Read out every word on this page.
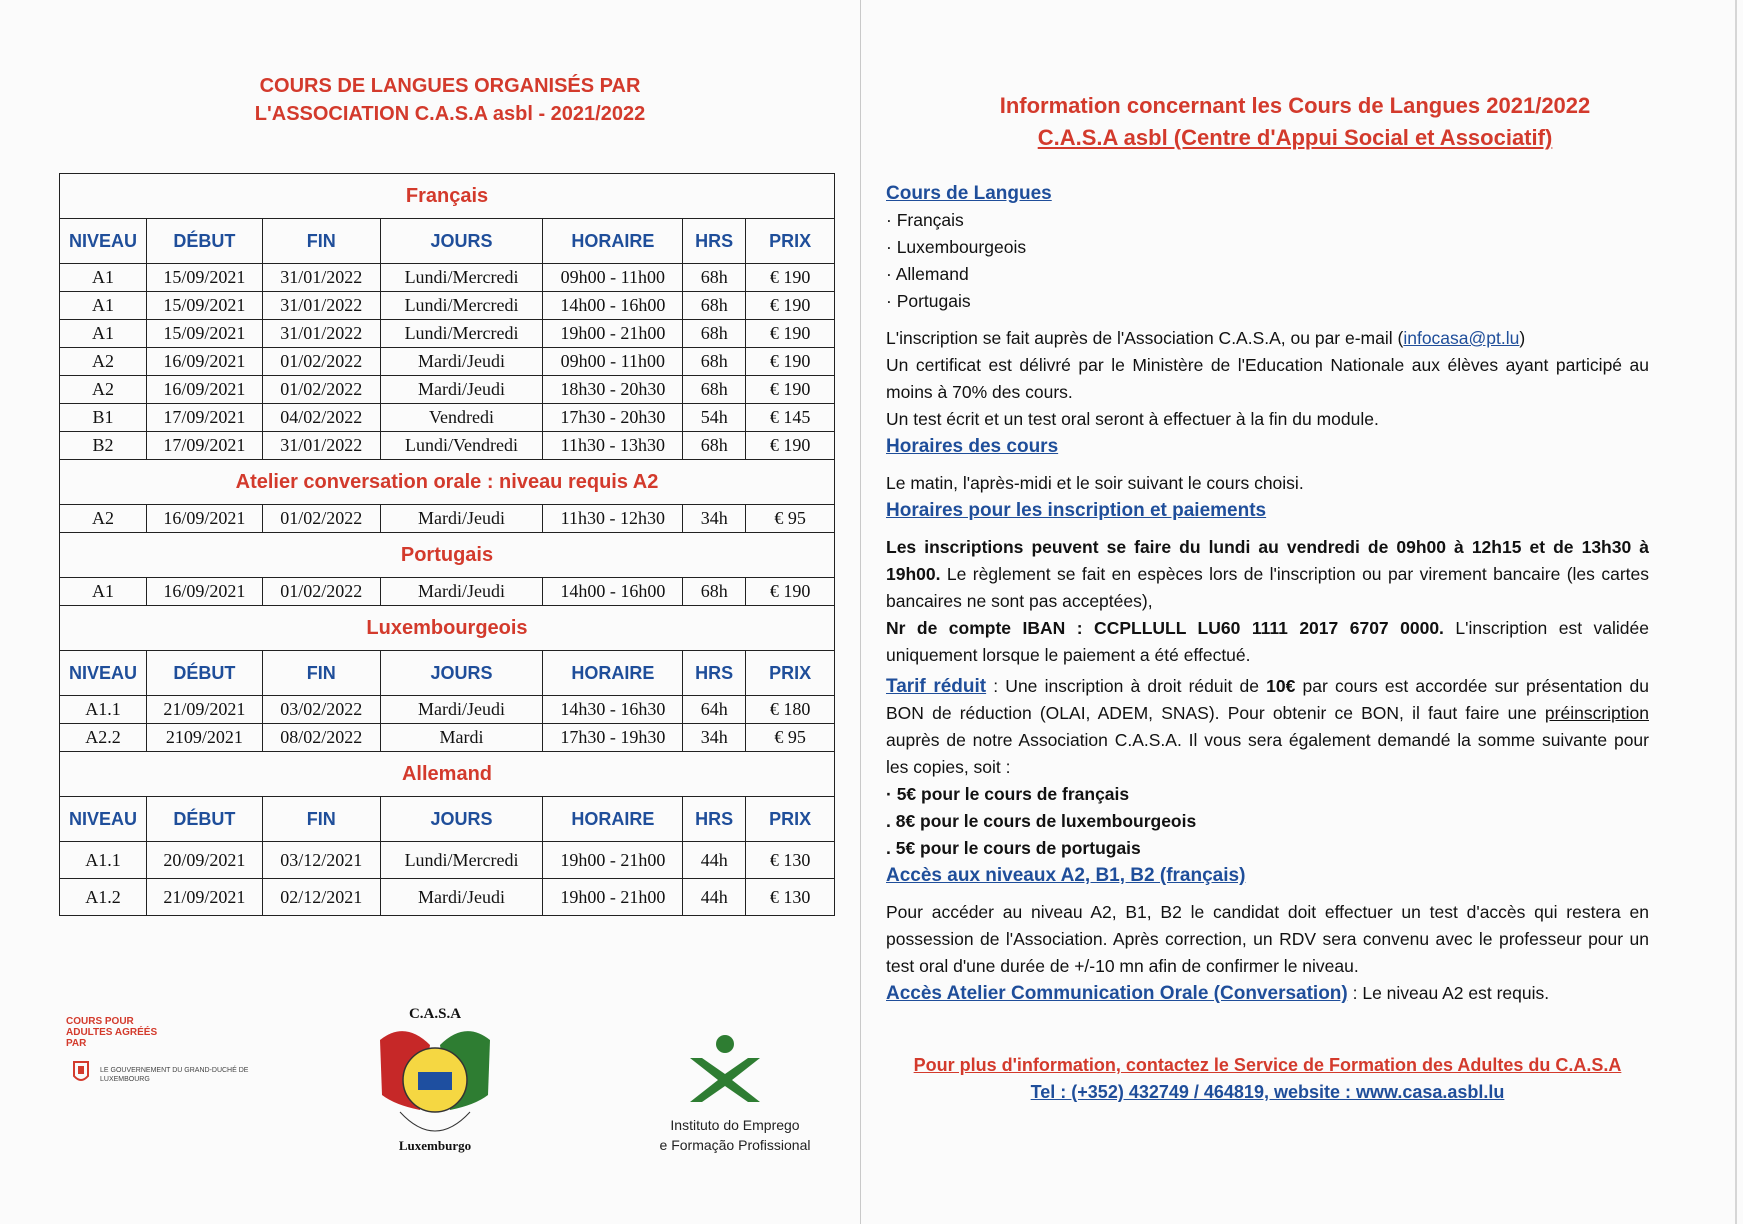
COURS DE LANGUES ORGANISÉS PAR
L'ASSOCIATION C.A.S.A asbl - 2021/2022
Français						
NIVEAU	DÉBUT	FIN	JOURS	HORAIRE	HRS	PRIX
A1	15/09/2021	31/01/2022	Lundi/Mercredi	09h00 - 11h00	68h	€ 190
A1	15/09/2021	31/01/2022	Lundi/Mercredi	14h00 - 16h00	68h	€ 190
A1	15/09/2021	31/01/2022	Lundi/Mercredi	19h00 - 21h00	68h	€ 190
A2	16/09/2021	01/02/2022	Mardi/Jeudi	09h00 - 11h00	68h	€ 190
A2	16/09/2021	01/02/2022	Mardi/Jeudi	18h30 - 20h30	68h	€ 190
B1	17/09/2021	04/02/2022	Vendredi	17h30 - 20h30	54h	€ 145
B2	17/09/2021	31/01/2022	Lundi/Vendredi	11h30 - 13h30	68h	€ 190
Atelier conversation orale : niveau requis A2						
A2	16/09/2021	01/02/2022	Mardi/Jeudi	11h30 - 12h30	34h	€ 95
Portugais						
A1	16/09/2021	01/02/2022	Mardi/Jeudi	14h00 - 16h00	68h	€ 190
Luxembourgeois						
NIVEAU	DÉBUT	FIN	JOURS	HORAIRE	HRS	PRIX
A1.1	21/09/2021	03/02/2022	Mardi/Jeudi	14h30 - 16h30	64h	€ 180
A2.2	2109/2021	08/02/2022	Mardi	17h30 - 19h30	34h	€ 95
Allemand						
NIVEAU	DÉBUT	FIN	JOURS	HORAIRE	HRS	PRIX
A1.1	20/09/2021	03/12/2021	Lundi/Mercredi	19h00 - 21h00	44h	€ 130
A1.2	21/09/2021	02/12/2021	Mardi/Jeudi	19h00 - 21h00	44h	€ 130
COURS POUR ADULTES AGRÉÉS PAR
LE GOUVERNEMENT DU GRAND-DUCHÉ DE LUXEMBOURG
C.A.S.A
Luxemburgo
Instituto do Emprego
e Formação Profissional
Information concernant les Cours de Langues 2021/2022
C.A.S.A asbl (Centre d'Appui Social et Associatif)

Cours de Langues

· Français

· Luxembourgeois

· Allemand

· Portugais

L'inscription se fait auprès de l'Association C.A.S.A, ou par e-mail (infocasa@pt.lu)

Un certificat est délivré par le Ministère de l'Education Nationale aux élèves ayant participé au moins à 70% des cours.

Un test écrit et un test oral seront à effectuer à la fin du module.

Horaires des cours

Le matin, l'après-midi et le soir suivant le cours choisi.

Horaires pour les inscription et paiements

Les inscriptions peuvent se faire du lundi au vendredi de 09h00 à 12h15 et de 13h30 à 19h00. Le règlement se fait en espèces lors de l'inscription ou par virement bancaire (les cartes bancaires ne sont pas acceptées),

Nr de compte IBAN : CCPLLULL LU60 1111 2017 6707 0000. L'inscription est validée uniquement lorsque le paiement a été effectué.

Tarif réduit : Une inscription à droit réduit de 10€ par cours est accordée sur présentation du BON de réduction (OLAI, ADEM, SNAS). Pour obtenir ce BON, il faut faire une préinscription auprès de notre Association C.A.S.A. Il vous sera également demandé la somme suivante pour les copies, soit :

· 5€ pour le cours de français

. 8€ pour le cours de luxembourgeois

. 5€ pour le cours de portugais

Accès aux niveaux A2, B1, B2 (français)

Pour accéder au niveau A2, B1, B2 le candidat doit effectuer un test d'accès qui restera en possession de l'Association. Après correction, un RDV sera convenu avec le professeur pour un test oral d'une durée de +/-10 mn afin de confirmer le niveau.

Accès Atelier Communication Orale (Conversation) : Le niveau A2 est requis.

Pour plus d'information, contactez le Service de Formation des Adultes du C.A.S.A
Tel : (+352) 432749 / 464819, website : www.casa.asbl.lu
